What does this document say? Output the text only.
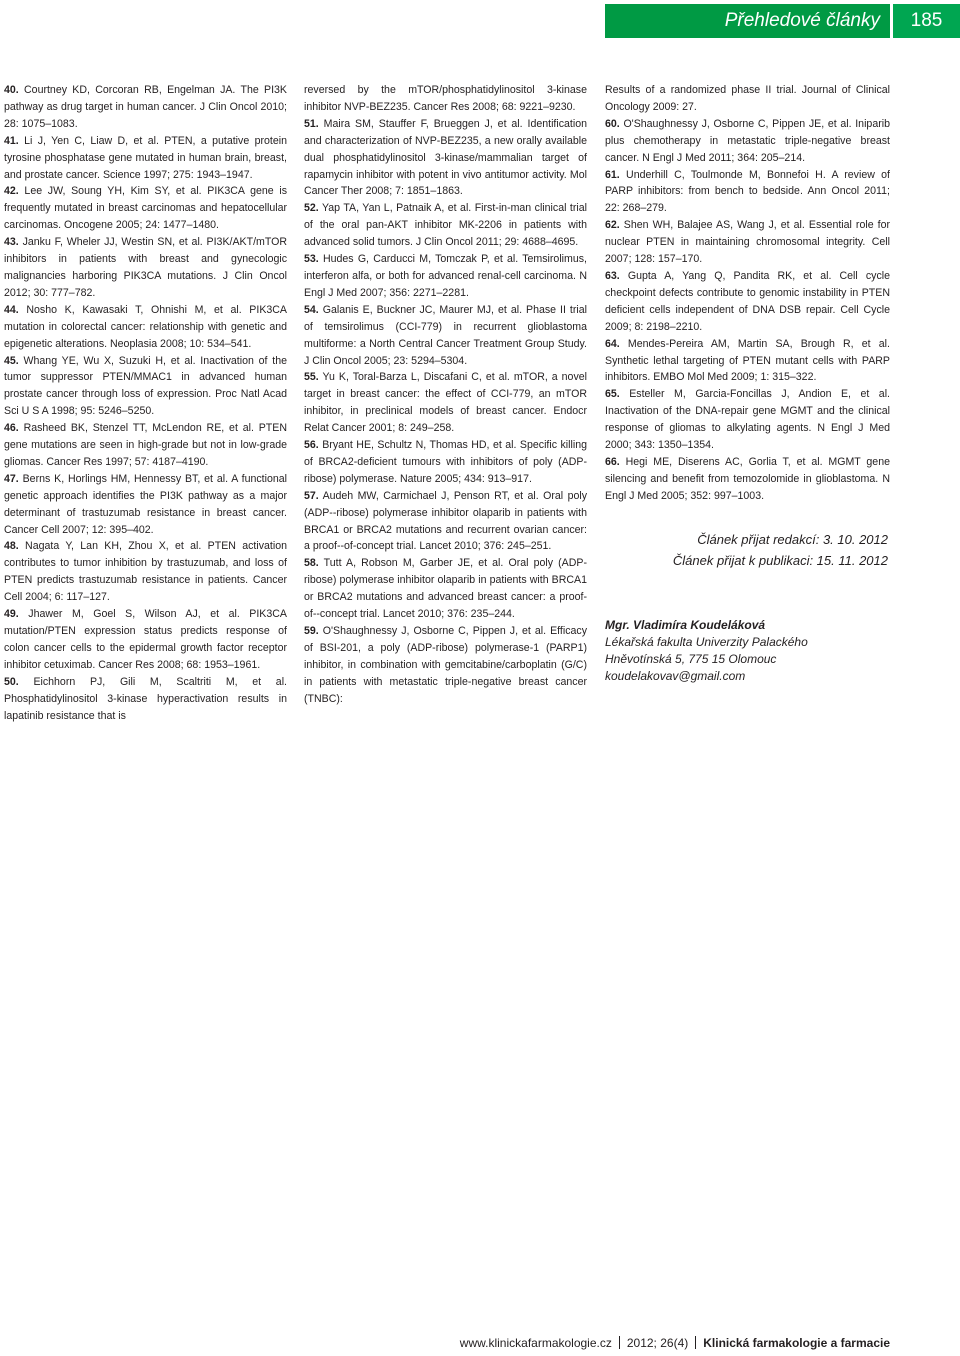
Přehledové články	185

40. Courtney KD, Corcoran RB, Engelman JA. The PI3K pathway as drug target in human cancer. J Clin Oncol 2010; 28: 1075–1083.

41. Li J, Yen C, Liaw D, et al. PTEN, a putative protein tyrosine phosphatase gene mutated in human brain, breast, and prostate cancer. Science 1997; 275: 1943–1947.

42. Lee JW, Soung YH, Kim SY, et al. PIK3CA gene is frequently mutated in breast carcinomas and hepatocellular carcinomas. Oncogene 2005; 24: 1477–1480.

43. Janku F, Wheler JJ, Westin SN, et al. PI3K/AKT/mTOR inhibitors in patients with breast and gynecologic malignancies harboring PIK3CA mutations. J Clin Oncol 2012; 30: 777–782.

44. Nosho K, Kawasaki T, Ohnishi M, et al. PIK3CA mutation in colorectal cancer: relationship with genetic and epigenetic alterations. Neoplasia 2008; 10: 534–541.

45. Whang YE, Wu X, Suzuki H, et al. Inactivation of the tumor suppressor PTEN/MMAC1 in advanced human prostate cancer through loss of expression. Proc Natl Acad Sci U S A 1998; 95: 5246–5250.

46. Rasheed BK, Stenzel TT, McLendon RE, et al. PTEN gene mutations are seen in high-grade but not in low-grade gliomas. Cancer Res 1997; 57: 4187–4190.

47. Berns K, Horlings HM, Hennessy BT, et al. A functional genetic approach identifies the PI3K pathway as a major determinant of trastuzumab resistance in breast cancer. Cancer Cell 2007; 12: 395–402.

48. Nagata Y, Lan KH, Zhou X, et al. PTEN activation contributes to tumor inhibition by trastuzumab, and loss of PTEN predicts trastuzumab resistance in patients. Cancer Cell 2004; 6: 117–127.

49. Jhawer M, Goel S, Wilson AJ, et al. PIK3CA mutation/PTEN expression status predicts response of colon cancer cells to the epidermal growth factor receptor inhibitor cetuximab. Cancer Res 2008; 68: 1953–1961.

50. Eichhorn PJ, Gili M, Scaltriti M, et al. Phosphatidylinositol 3-kinase hyperactivation results in lapatinib resistance that is

reversed by the mTOR/phosphatidylinositol 3-kinase inhibitor NVP-BEZ235. Cancer Res 2008; 68: 9221–9230.

51. Maira SM, Stauffer F, Brueggen J, et al. Identification and characterization of NVP-BEZ235, a new orally available dual phosphatidylinositol 3-kinase/mammalian target of rapamycin inhibitor with potent in vivo antitumor activity. Mol Cancer Ther 2008; 7: 1851–1863.

52. Yap TA, Yan L, Patnaik A, et al. First-in-man clinical trial of the oral pan-AKT inhibitor MK-2206 in patients with advanced solid tumors. J Clin Oncol 2011; 29: 4688–4695.

53. Hudes G, Carducci M, Tomczak P, et al. Temsirolimus, interferon alfa, or both for advanced renal-cell carcinoma. N Engl J Med 2007; 356: 2271–2281.

54. Galanis E, Buckner JC, Maurer MJ, et al. Phase II trial of temsirolimus (CCI-779) in recurrent glioblastoma multiforme: a North Central Cancer Treatment Group Study. J Clin Oncol 2005; 23: 5294–5304.

55. Yu K, Toral-Barza L, Discafani C, et al. mTOR, a novel target in breast cancer: the effect of CCI-779, an mTOR inhibitor, in preclinical models of breast cancer. Endocr Relat Cancer 2001; 8: 249–258.

56. Bryant HE, Schultz N, Thomas HD, et al. Specific killing of BRCA2-deficient tumours with inhibitors of poly (ADP-ribose) polymerase. Nature 2005; 434: 913–917.

57. Audeh MW, Carmichael J, Penson RT, et al. Oral poly (ADP--ribose) polymerase inhibitor olaparib in patients with BRCA1 or BRCA2 mutations and recurrent ovarian cancer: a proof--of-concept trial. Lancet 2010; 376: 245–251.

58. Tutt A, Robson M, Garber JE, et al. Oral poly (ADP-ribose) polymerase inhibitor olaparib in patients with BRCA1 or BRCA2 mutations and advanced breast cancer: a proof-of--concept trial. Lancet 2010; 376: 235–244.

59. O'Shaughnessy J, Osborne C, Pippen J, et al. Efficacy of BSI-201, a poly (ADP-ribose) polymerase-1 (PARP1) inhibitor, in combination with gemcitabine/carboplatin (G/C) in patients with metastatic triple-negative breast cancer (TNBC):

Results of a randomized phase II trial. Journal of Clinical Oncology 2009: 27.

60. O'Shaughnessy J, Osborne C, Pippen JE, et al. Iniparib plus chemotherapy in metastatic triple-negative breast cancer. N Engl J Med 2011; 364: 205–214.

61. Underhill C, Toulmonde M, Bonnefoi H. A review of PARP inhibitors: from bench to bedside. Ann Oncol 2011; 22: 268–279.

62. Shen WH, Balajee AS, Wang J, et al. Essential role for nuclear PTEN in maintaining chromosomal integrity. Cell 2007; 128: 157–170.

63. Gupta A, Yang Q, Pandita RK, et al. Cell cycle checkpoint defects contribute to genomic instability in PTEN deficient cells independent of DNA DSB repair. Cell Cycle 2009; 8: 2198–2210.

64. Mendes-Pereira AM, Martin SA, Brough R, et al. Synthetic lethal targeting of PTEN mutant cells with PARP inhibitors. EMBO Mol Med 2009; 1: 315–322.

65. Esteller M, Garcia-Foncillas J, Andion E, et al. Inactivation of the DNA-repair gene MGMT and the clinical response of gliomas to alkylating agents. N Engl J Med 2000; 343: 1350–1354.

66. Hegi ME, Diserens AC, Gorlia T, et al. MGMT gene silencing and benefit from temozolomide in glioblastoma. N Engl J Med 2005; 352: 997–1003.

Článek přijat redakcí: 3. 10. 2012
Článek přijat k publikaci: 15. 11. 2012
Mgr. Vladimíra Koudeláková
Lékařská fakulta Univerzity Palackého
Hněvotínská 5, 775 15 Olomouc
koudelakovav@gmail.com
www.klinickafarmakologie.cz 2012; 26(4) Klinická farmakologie a farmacie
